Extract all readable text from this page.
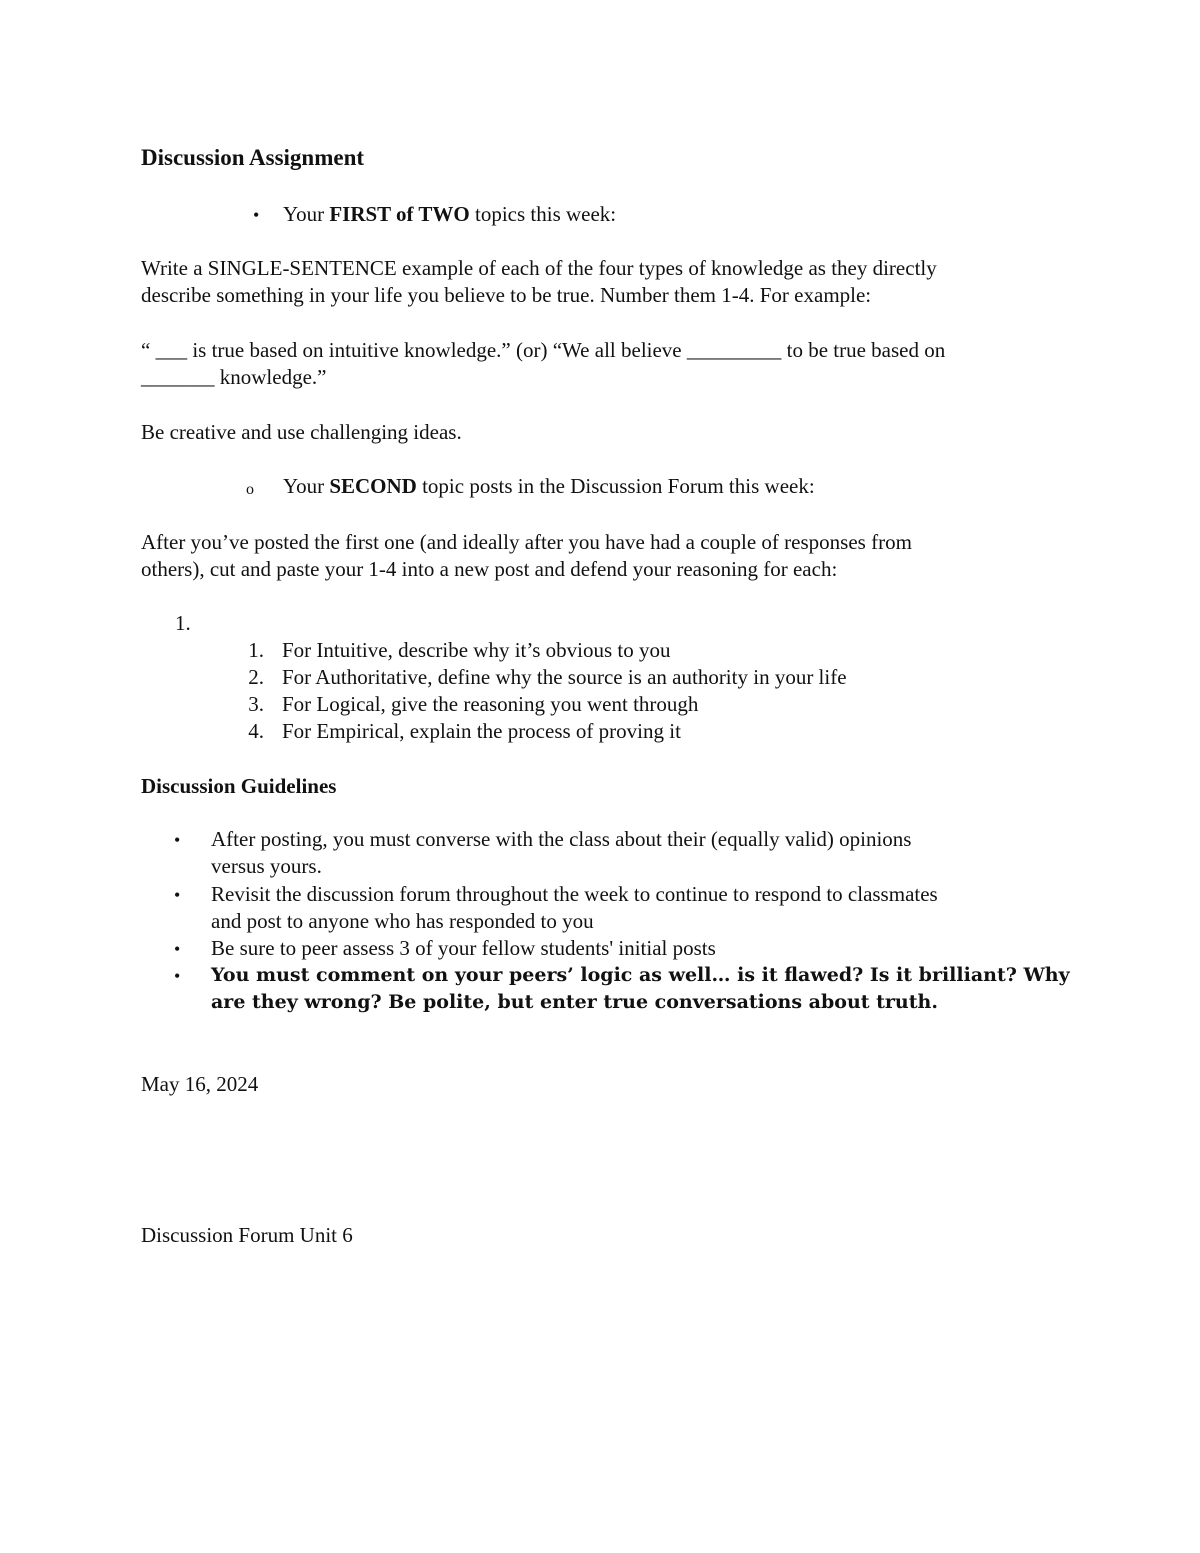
Discussion Assignment
• Your FIRST of TWO topics this week:
Write a SINGLE-SENTENCE example of each of the four types of knowledge as they directly
describe something in your life you believe to be true. Number them 1-4. For example:
“ ___ is true based on intuitive knowledge.” (or) “We all believe _________ to be true based on
_______ knowledge.”
Be creative and use challenging ideas.
o Your SECOND topic posts in the Discussion Forum this week:
After you’ve posted the first one (and ideally after you have had a couple of responses from
others), cut and paste your 1-4 into a new post and defend your reasoning for each:
1.
1. For Intuitive, describe why it’s obvious to you
2. For Authoritative, define why the source is an authority in your life
3. For Logical, give the reasoning you went through
4. For Empirical, explain the process of proving it
Discussion Guidelines
• After posting, you must converse with the class about their (equally valid) opinions
versus yours.
• Revisit the discussion forum throughout the week to continue to respond to classmates
and post to anyone who has responded to you
• Be sure to peer assess 3 of your fellow students' initial posts
• You must comment on your peers’ logic as well… is it flawed? Is it brilliant? Why
are they wrong? Be polite, but enter true conversations about truth.
May 16, 2024
Discussion Forum Unit 6
